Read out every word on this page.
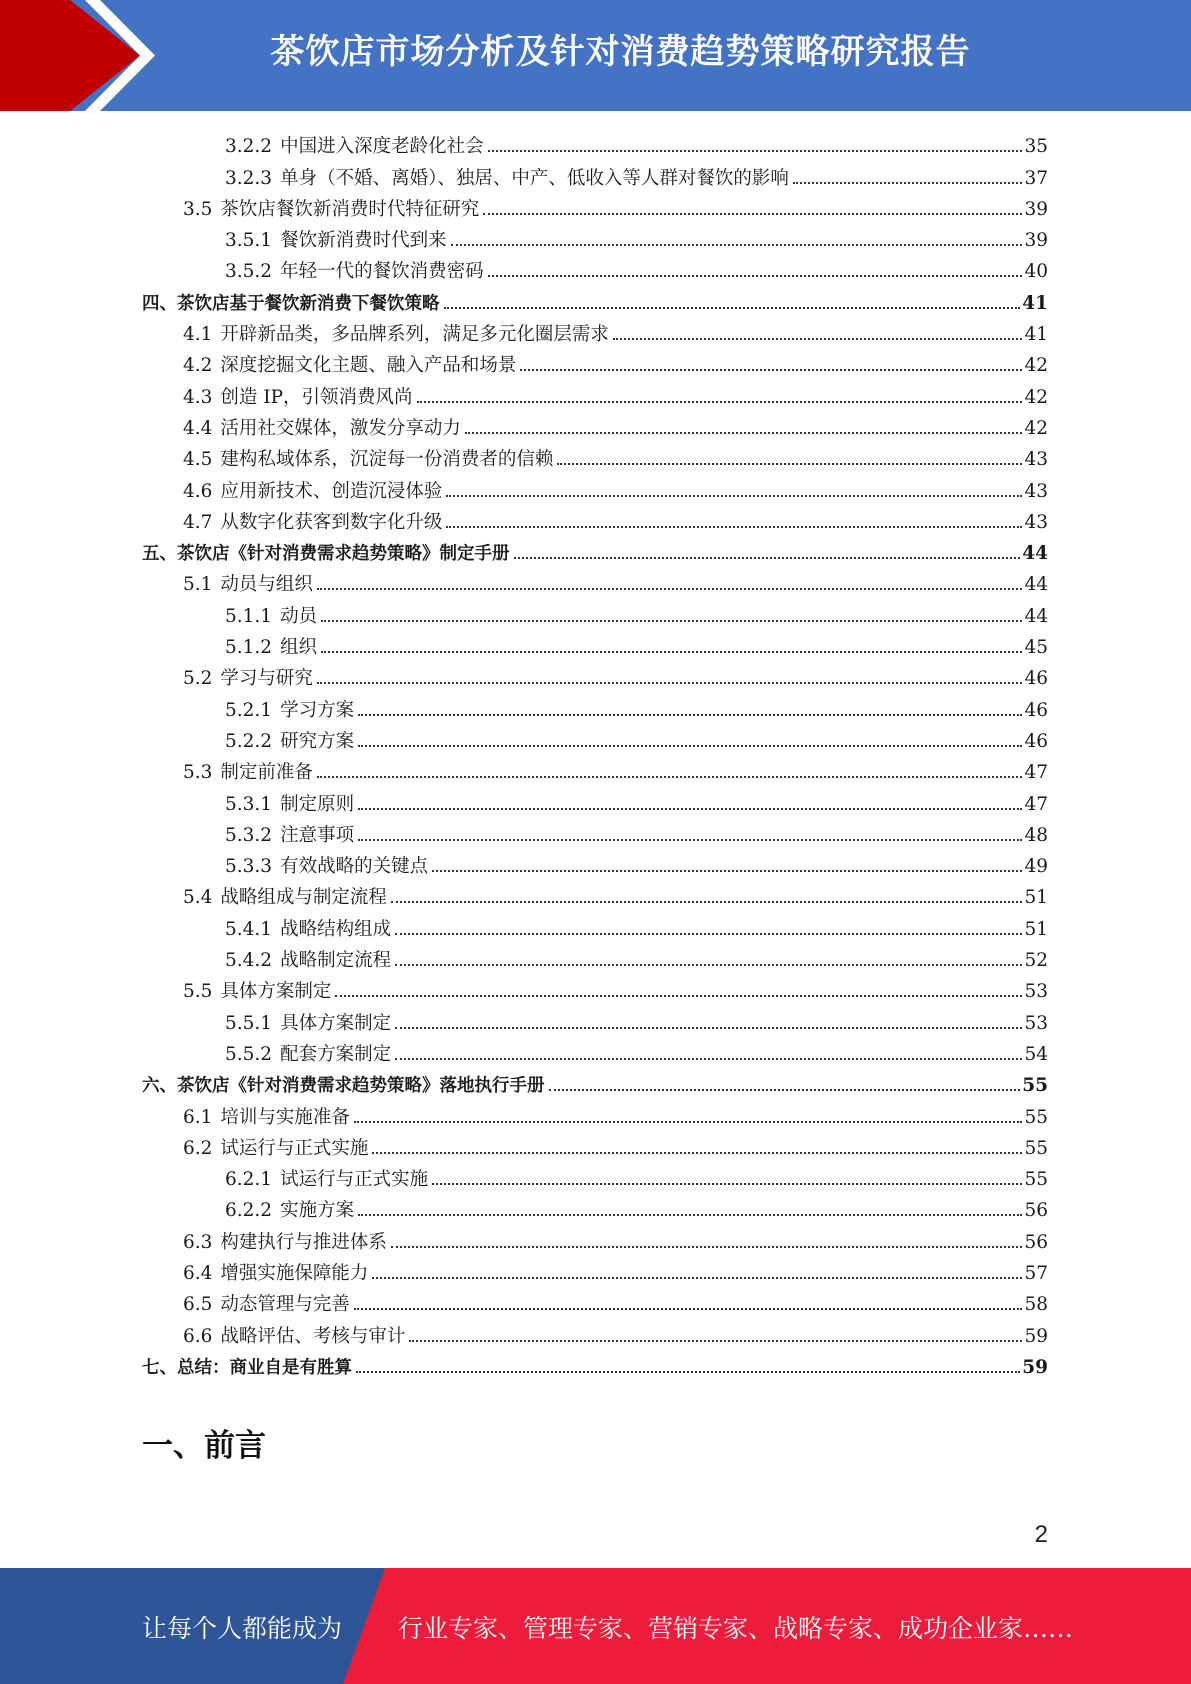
茶饮店市场分析及针对消费趋势策略研究报告
3.2.2 中国进入深度老龄化社会	35
3.2.3 单身（不婚、离婚）、独居、中产、低收入等人群对餐饮的影响	37
3.5 茶饮店餐饮新消费时代特征研究	39
3.5.1 餐饮新消费时代到来	39
3.5.2 年轻一代的餐饮消费密码	40
四、茶饮店基于餐饮新消费下餐饮策略	41
4.1 开辟新品类，多品牌系列，满足多元化圈层需求	41
4.2 深度挖掘文化主题、融入产品和场景	42
4.3 创造 IP，引领消费风尚	42
4.4 活用社交媒体，激发分享动力	42
4.5 建构私域体系，沉淀每一份消费者的信赖	43
4.6 应用新技术、创造沉浸体验	43
4.7 从数字化获客到数字化升级	43
五、茶饮店《针对消费需求趋势策略》制定手册	44
5.1 动员与组织	44
5.1.1 动员	44
5.1.2 组织	45
5.2 学习与研究	46
5.2.1 学习方案	46
5.2.2 研究方案	46
5.3 制定前准备	47
5.3.1 制定原则	47
5.3.2 注意事项	48
5.3.3 有效战略的关键点	49
5.4 战略组成与制定流程	51
5.4.1 战略结构组成	51
5.4.2 战略制定流程	52
5.5 具体方案制定	53
5.5.1 具体方案制定	53
5.5.2 配套方案制定	54
六、茶饮店《针对消费需求趋势策略》落地执行手册	55
6.1 培训与实施准备	55
6.2 试运行与正式实施	55
6.2.1 试运行与正式实施	55
6.2.2 实施方案	56
6.3 构建执行与推进体系	56
6.4 增强实施保障能力	57
6.5 动态管理与完善	58
6.6 战略评估、考核与审计	59
七、总结：商业自是有胜算	59
一、前言
2
让每个人都能成为 行业专家、管理专家、营销专家、战略专家、成功企业家……
